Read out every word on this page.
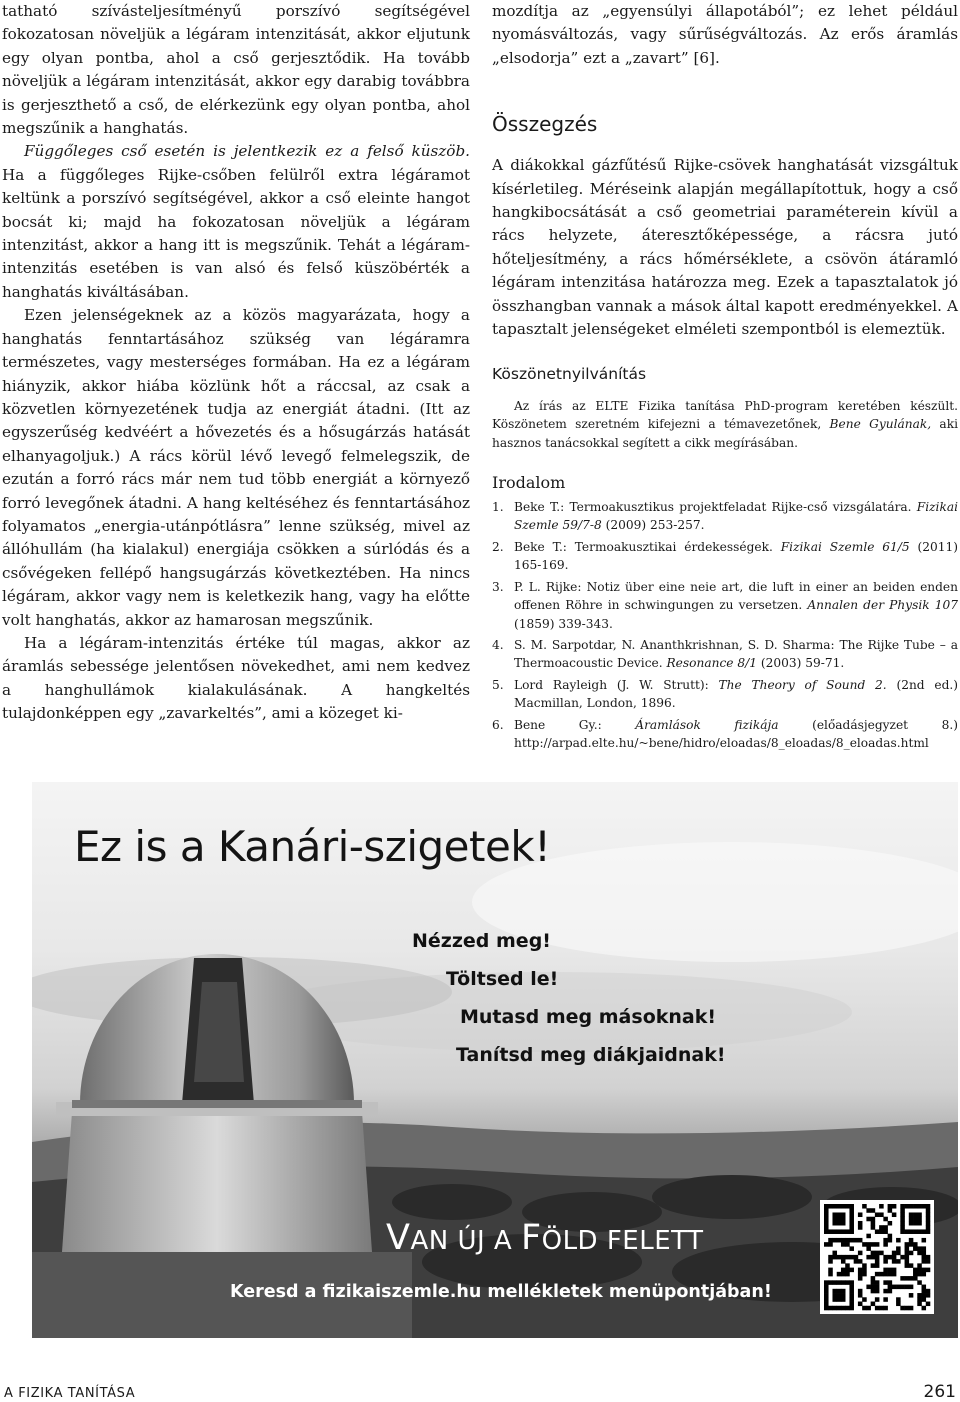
tatható szívásteljesítményű porszívó segítségével fokozatosan növeljük a légáram intenzitását, akkor eljutunk egy olyan pontba, ahol a cső gerjesztődik. Ha tovább növeljük a légáram intenzitását, akkor egy darabig továbbra is gerjeszthető a cső, de elérkezünk egy olyan pontba, ahol megszűnik a hanghatás.

Függőleges cső esetén is jelentkezik ez a felső küszöb. Ha a függőleges Rijke-csőben felülről extra légáramot keltünk a porszívó segítségével, akkor a cső eleinte hangot bocsát ki; majd ha fokozatosan növeljük a légáram intenzitást, akkor a hang itt is megszűnik. Tehát a légáram-intenzitás esetében is van alsó és felső küszöbérték a hanghatás kiváltásában.

Ezen jelenségeknek az a közös magyarázata, hogy a hanghatás fenntartásához szükség van légáramra természetes, vagy mesterséges formában. Ha ez a légáram hiányzik, akkor hiába közlünk hőt a ráccsal, az csak a közvetlen környezetének tudja az energiát átadni. (Itt az egyszerűség kedvéért a hővezetés és a hősugárzás hatását elhanyagoljuk.) A rács körül lévő levegő felmelegszik, de ezután a forró rács már nem tud több energiát a környező forró levegőnek átadni. A hang keltéséhez és fenntartásához folyamatos „energia-utánpótlásra” lenne szükség, mivel az állóhullám (ha kialakul) energiája csökken a súrlódás és a csővégeken fellépő hangsugárzás következtében. Ha nincs légáram, akkor vagy nem is keletkezik hang, vagy ha előtte volt hanghatás, akkor az hamarosan megszűnik.

Ha a légáram-intenzitás értéke túl magas, akkor az áramlás sebessége jelentősen növekedhet, ami nem kedvez a hanghullámok kialakulásának. A hangkeltés tulajdonképpen egy „zavarkeltés”, ami a közeget ki-

mozdítja az „egyensúlyi állapotából”; ez lehet például nyomásváltozás, vagy sűrűségváltozás. Az erős áramlás „elsodorja” ezt a „zavart” [6].

Összegzés

A diákokkal gázfűtésű Rijke-csövek hanghatását vizsgáltuk kísérletileg. Méréseink alapján megállapítottuk, hogy a cső hangkibocsátását a cső geometriai paraméterein kívül a rács helyzete, áteresztőképessége, a rácsra jutó hőteljesítmény, a rács hőmérséklete, a csövön átáramló légáram intenzitása határozza meg. Ezek a tapasztalatok jó összhangban vannak a mások által kapott eredményekkel. A tapasztalt jelenségeket elméleti szempontból is elemeztük.

Köszönetnyilvánítás

Az írás az ELTE Fizika tanítása PhD-program keretében készült. Köszönetem szeretném kifejezni a témavezetőnek, Bene Gyulának, aki hasznos tanácsokkal segített a cikk megírásában.

Irodalom
1. Beke T.: Termoakusztikus projektfeladat Rijke-cső vizsgálatára. Fizikai Szemle 59/7-8 (2009) 253-257.
2. Beke T.: Termoakusztikai érdekességek. Fizikai Szemle 61/5 (2011) 165-169.
3. P. L. Rijke: Notiz über eine neie art, die luft in einer an beiden enden offenen Röhre in schwingungen zu versetzen. Annalen der Physik 107 (1859) 339-343.
4. S. M. Sarpotdar, N. Ananthkrishnan, S. D. Sharma: The Rijke Tube – a Thermoacoustic Device. Resonance 8/1 (2003) 59-71.
5. Lord Rayleigh (J. W. Strutt): The Theory of Sound 2. (2nd ed.) Macmillan, London, 1896.
6. Bene Gy.: Áramlások fizikája (előadásjegyzet 8.) http://arpad.elte.hu/~bene/hidro/eloadas/8_eloadas/8_eloadas.html
Ez is a Kanári-szigetek!
Nézzed meg!
Töltsed le!
Mutasd meg másoknak!
Tanítsd meg diákjaidnak!
VAN ÚJ A FÖLD FELETT
Keresd a fizikaiszemle.hu mellékletek menüpontjában!
A FIZIKA TANÍTÁSA	261
